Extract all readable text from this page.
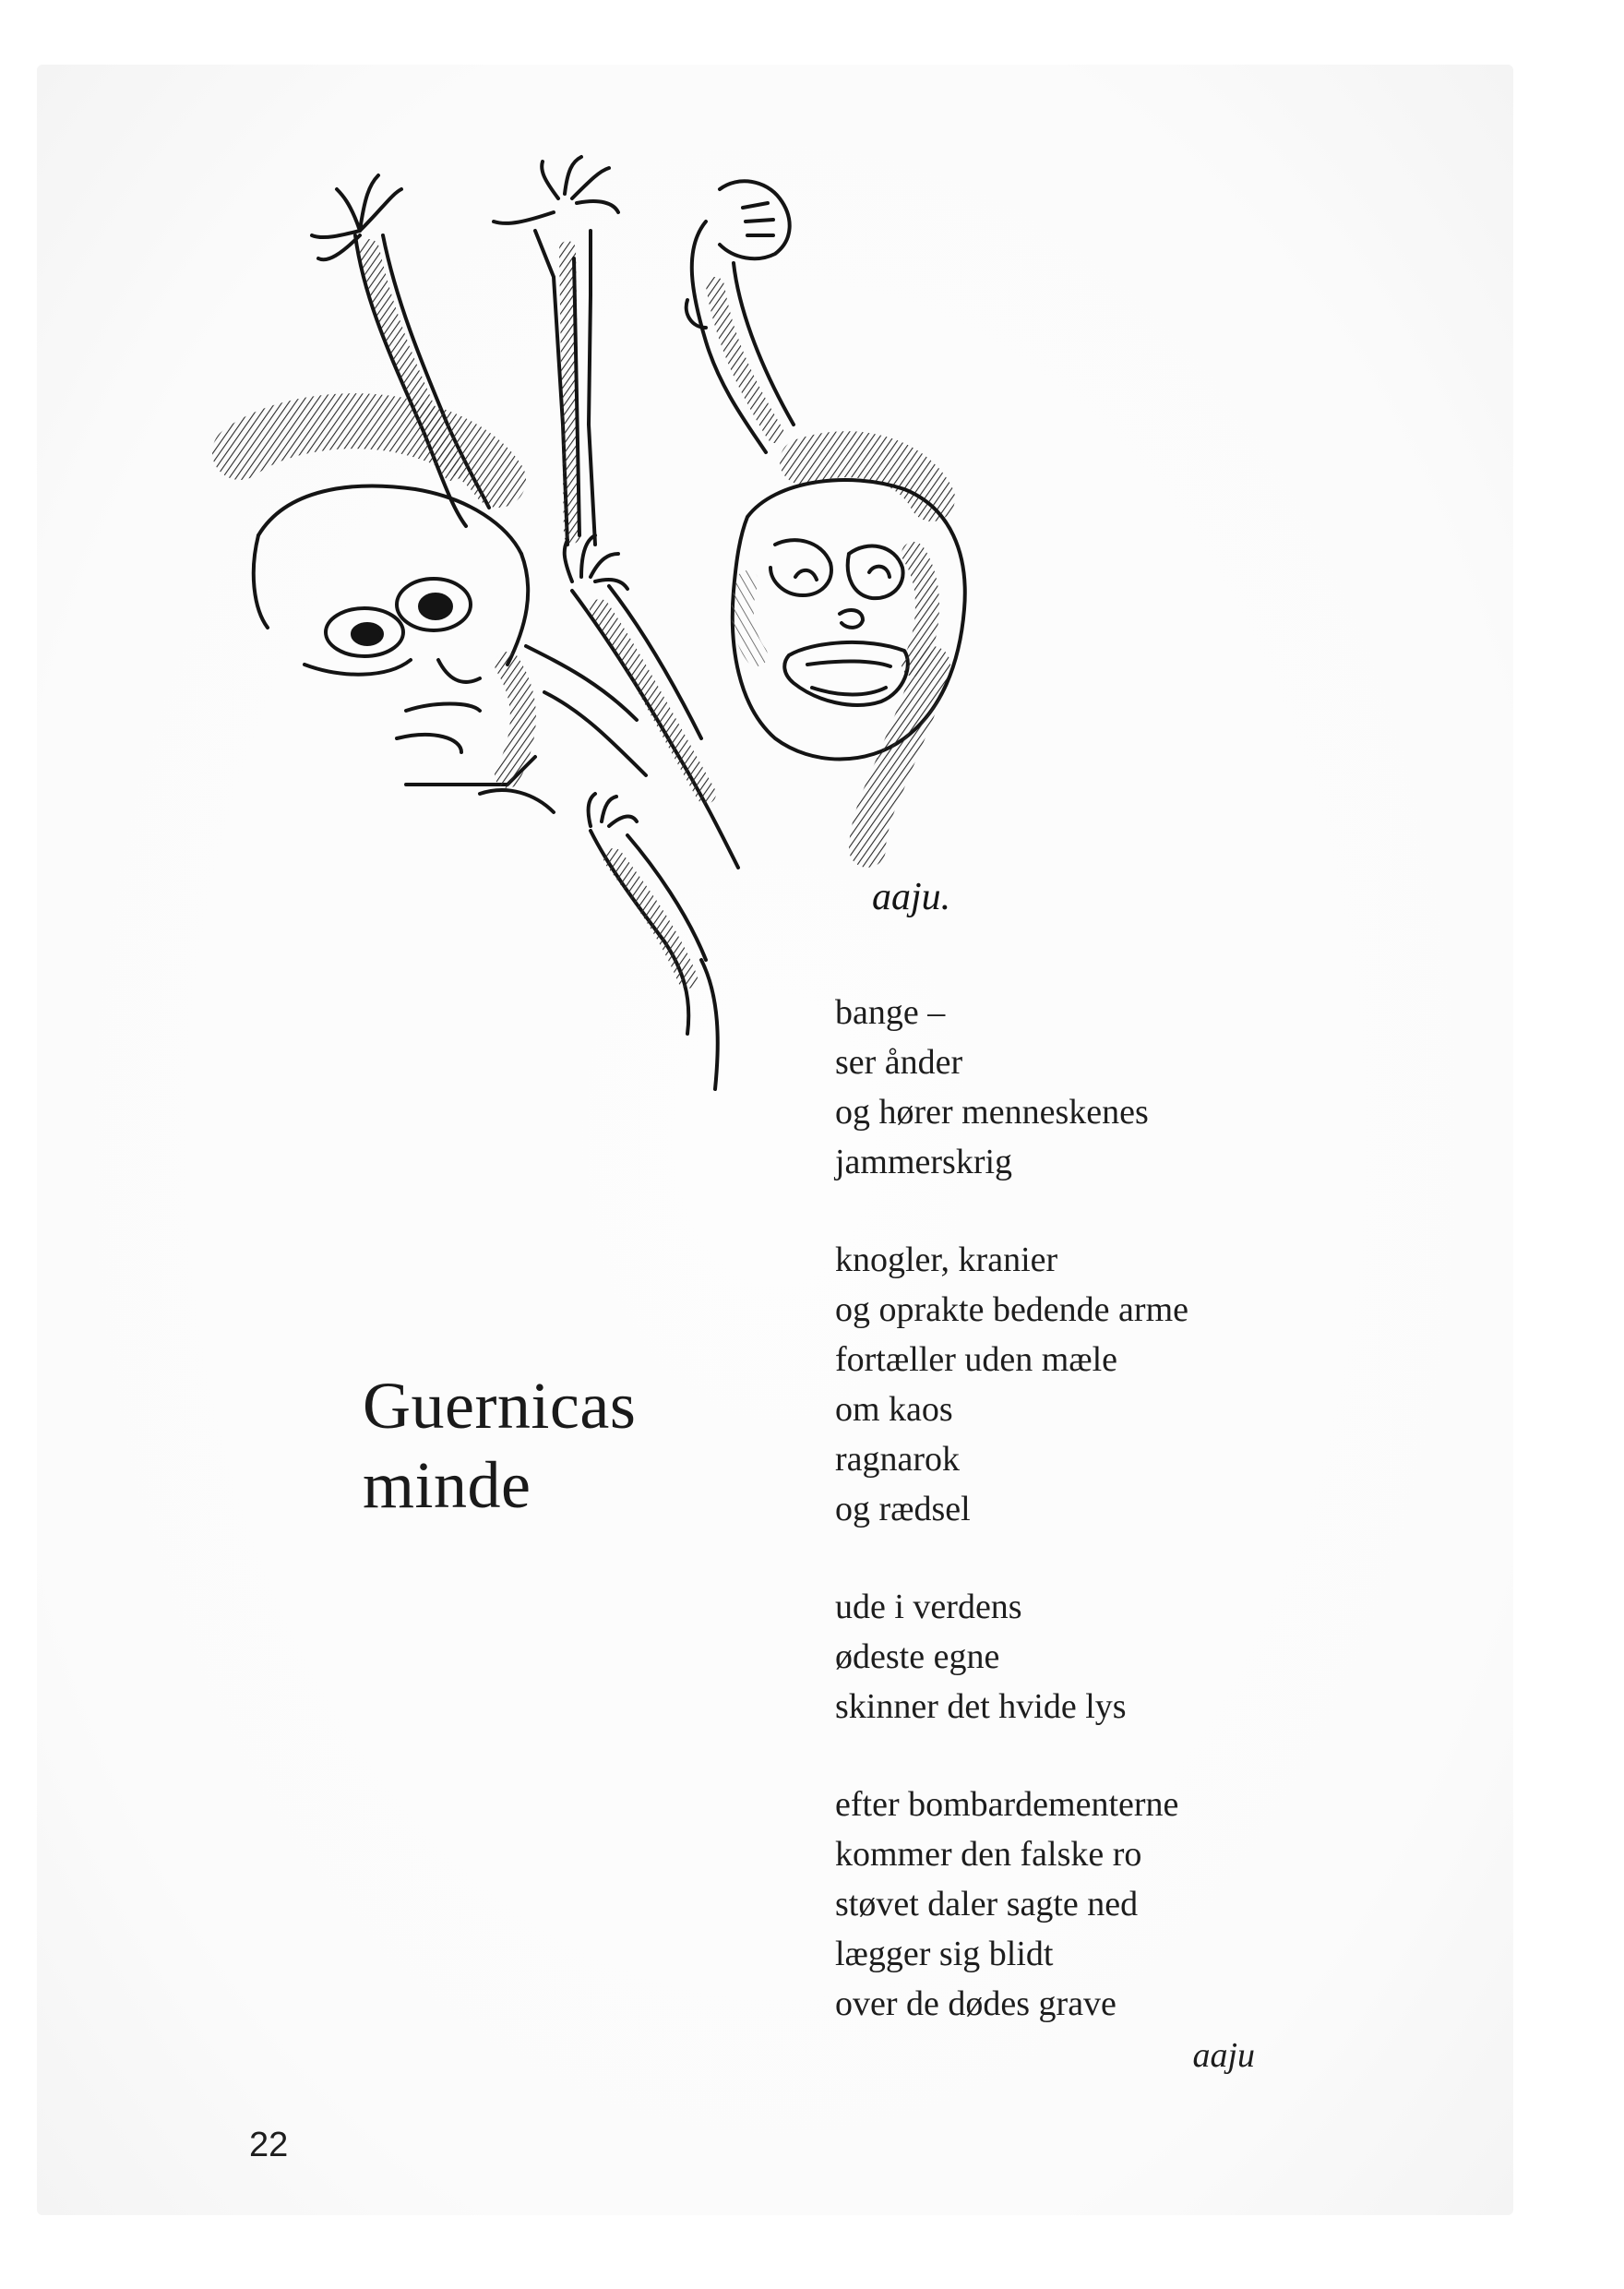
aaju.
Guernicas
minde
bange –
ser ånder
og hører menneskenes
jammerskrig
knogler, kranier
og oprakte bedende arme
fortæller uden mæle
om kaos
ragnarok
og rædsel
ude i verdens
ødeste egne
skinner det hvide lys
efter bombardementerne
kommer den falske ro
støvet daler sagte ned
lægger sig blidt
over de dødes grave
aaju
22
